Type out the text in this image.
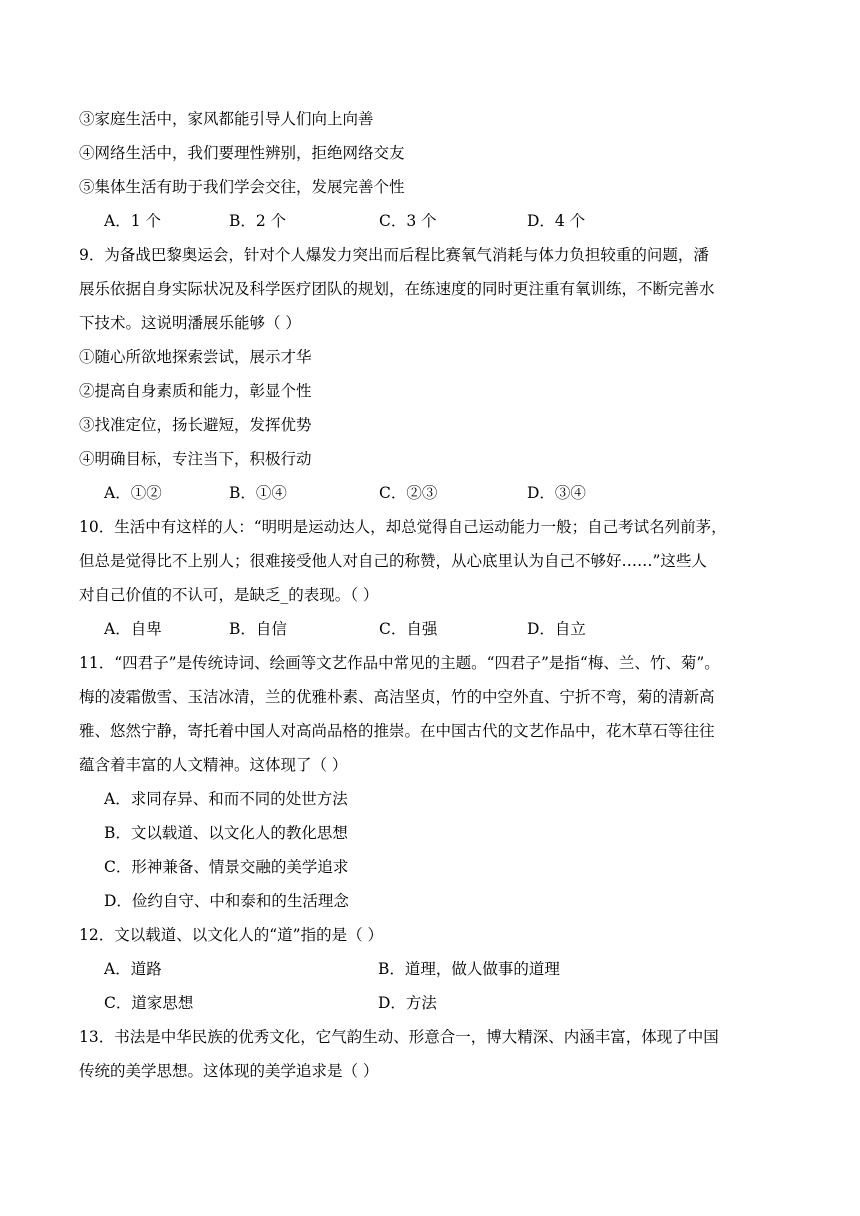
③家庭生活中，家风都能引导人们向上向善
④网络生活中，我们要理性辨别，拒绝网络交友
⑤集体生活有助于我们学会交往，发展完善个性
A．1 个	B．2 个	C．3 个	D．4 个
9．为备战巴黎奥运会，针对个人爆发力突出而后程比赛氧气消耗与体力负担较重的问题，潘
展乐依据自身实际状况及科学医疗团队的规划，在练速度的同时更注重有氧训练，不断完善水
下技术。这说明潘展乐能够（ ）
①随心所欲地探索尝试，展示才华
②提高自身素质和能力，彰显个性
③找准定位，扬长避短，发挥优势
④明确目标，专注当下，积极行动
A．①②	B．①④	C．②③	D．③④
10．生活中有这样的人：“明明是运动达人，却总觉得自己运动能力一般；自己考试名列前茅，
但总是觉得比不上别人；很难接受他人对自己的称赞，从心底里认为自己不够好……”这些人
对自己价值的不认可，是缺乏_的表现。（ ）
A．自卑	B．自信	C．自强	D．自立
11．“四君子”是传统诗词、绘画等文艺作品中常见的主题。“四君子”是指“梅、兰、竹、菊”。
梅的凌霜傲雪、玉洁冰清，兰的优雅朴素、高洁坚贞，竹的中空外直、宁折不弯，菊的清新高
雅、悠然宁静，寄托着中国人对高尚品格的推崇。在中国古代的文艺作品中，花木草石等往往
蕴含着丰富的人文精神。这体现了（ ）
A．求同存异、和而不同的处世方法
B．文以载道、以文化人的教化思想
C．形神兼备、情景交融的美学追求
D．俭约自守、中和泰和的生活理念
12．文以载道、以文化人的“道”指的是（ ）
A．道路	B．道理，做人做事的道理
C．道家思想	D．方法
13．书法是中华民族的优秀文化，它气韵生动、形意合一，博大精深、内涵丰富，体现了中国
传统的美学思想。这体现的美学追求是（ ）
